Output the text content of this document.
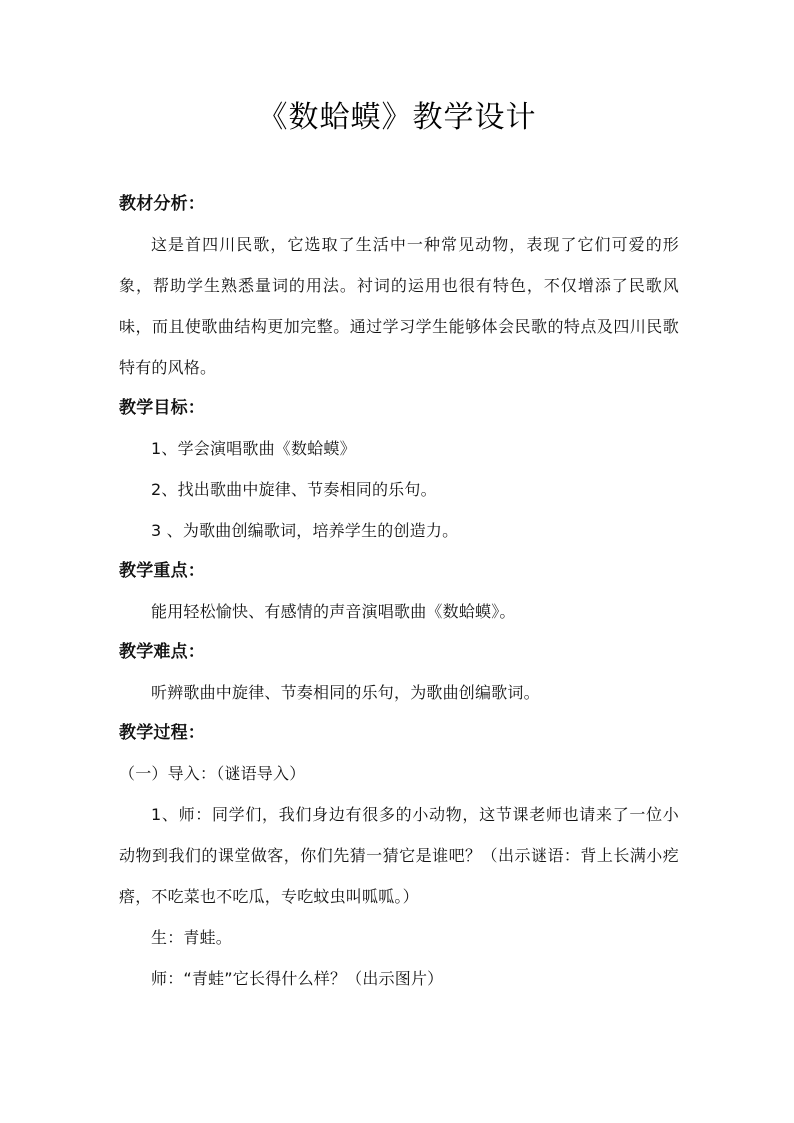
《数蛤蟆》教学设计
教材分析：

这是首四川民歌，它选取了生活中一种常见动物，表现了它们可爱的形象，帮助学生熟悉量词的用法。衬词的运用也很有特色，不仅增添了民歌风味，而且使歌曲结构更加完整。通过学习学生能够体会民歌的特点及四川民歌特有的风格。

教学目标：
1、学会演唱歌曲《数蛤蟆》
2、找出歌曲中旋律、节奏相同的乐句。
3 、为歌曲创编歌词，培养学生的创造力。
教学重点：
能用轻松愉快、有感情的声音演唱歌曲《数蛤蟆》。
教学难点：
听辨歌曲中旋律、节奏相同的乐句，为歌曲创编歌词。
教学过程：
（一）导入：（谜语导入）

1、师：同学们，我们身边有很多的小动物，这节课老师也请来了一位小动物到我们的课堂做客，你们先猜一猜它是谁吧？（出示谜语：背上长满小疙瘩，不吃菜也不吃瓜，专吃蚊虫叫呱呱。）

生：青蛙。
师：“青蛙”它长得什么样？（出示图片）
